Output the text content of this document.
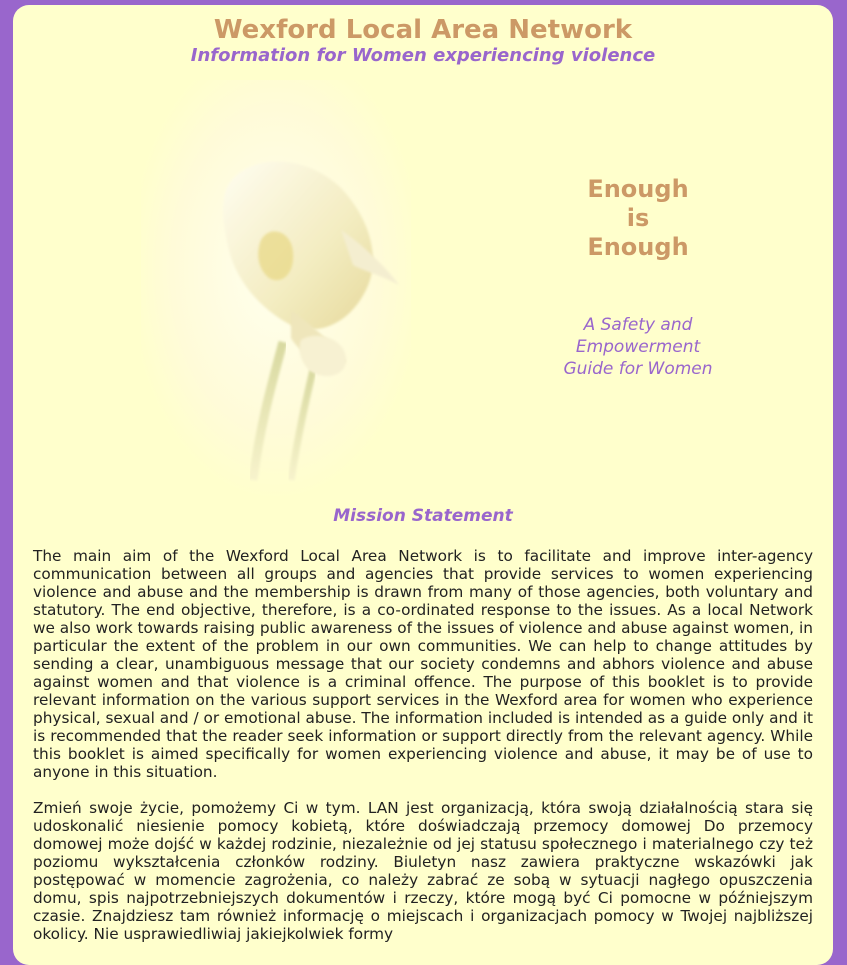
Wexford Local Area Network
Information for Women experiencing violence
Enough
is
Enough
A Safety and
Empowerment
Guide for Women
Mission Statement

The main aim of the Wexford Local Area Network is to facilitate and improve inter-agency communication between all groups and agencies that provide services to women experiencing violence and abuse and the membership is drawn from many of those agencies, both voluntary and statutory. The end objective, therefore, is a co-ordinated response to the issues. As a local Network we also work towards raising public awareness of the issues of violence and abuse against women, in particular the extent of the problem in our own communities. We can help to change attitudes by sending a clear, unambiguous message that our society condemns and abhors violence and abuse against women and that violence is a criminal offence. The purpose of this booklet is to provide relevant information on the various support services in the Wexford area for women who experience physical, sexual and / or emotional abuse. The information included is intended as a guide only and it is recommended that the reader seek information or support directly from the relevant agency. While this booklet is aimed specifically for women experiencing violence and abuse, it may be of use to anyone in this situation.

Zmień swoje życie, pomożemy Ci w tym. LAN jest organizacją, która swoją działalnością stara się udoskonalić niesienie pomocy kobietą, które doświadczają przemocy domowej Do przemocy domowej może dojść w każdej rodzinie, niezależnie od jej statusu społecznego i materialnego czy też poziomu wykształcenia członków rodziny. Biuletyn nasz zawiera praktyczne wskazówki jak postępować w momencie zagrożenia, co należy zabrać ze sobą w sytuacji nagłego opuszczenia domu, spis najpotrzebniejszych dokumentów i rzeczy, które mogą być Ci pomocne w późniejszym czasie. Znajdziesz tam również informację o miejscach i organizacjach pomocy w Twojej najbliższej okolicy. Nie usprawiedliwiaj jakiejkolwiek formy
